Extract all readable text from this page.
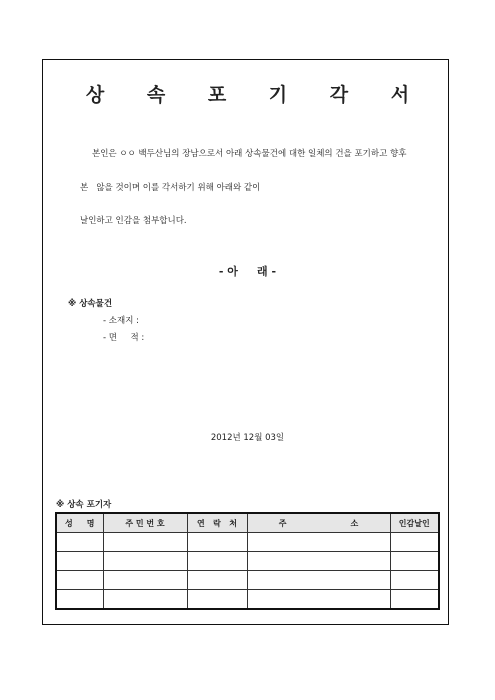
상 속 포 기 각 서
본인은 ㅇㅇ 백두산님의 장남으로서 아래 상속물건에 대한 일체의 건을 포기하고 향후
본   않을 것이며 이를 각서하기 위해 아래와 같이
날인하고 인감을 첨부합니다.
- 아     래 -
※ 상속물건
- 소재지 :
- 면     적 :
2012년 12월 03일
※ 상속 포기자
성     명	주 민 번 호	연   락   처	주                       소	인감날인
